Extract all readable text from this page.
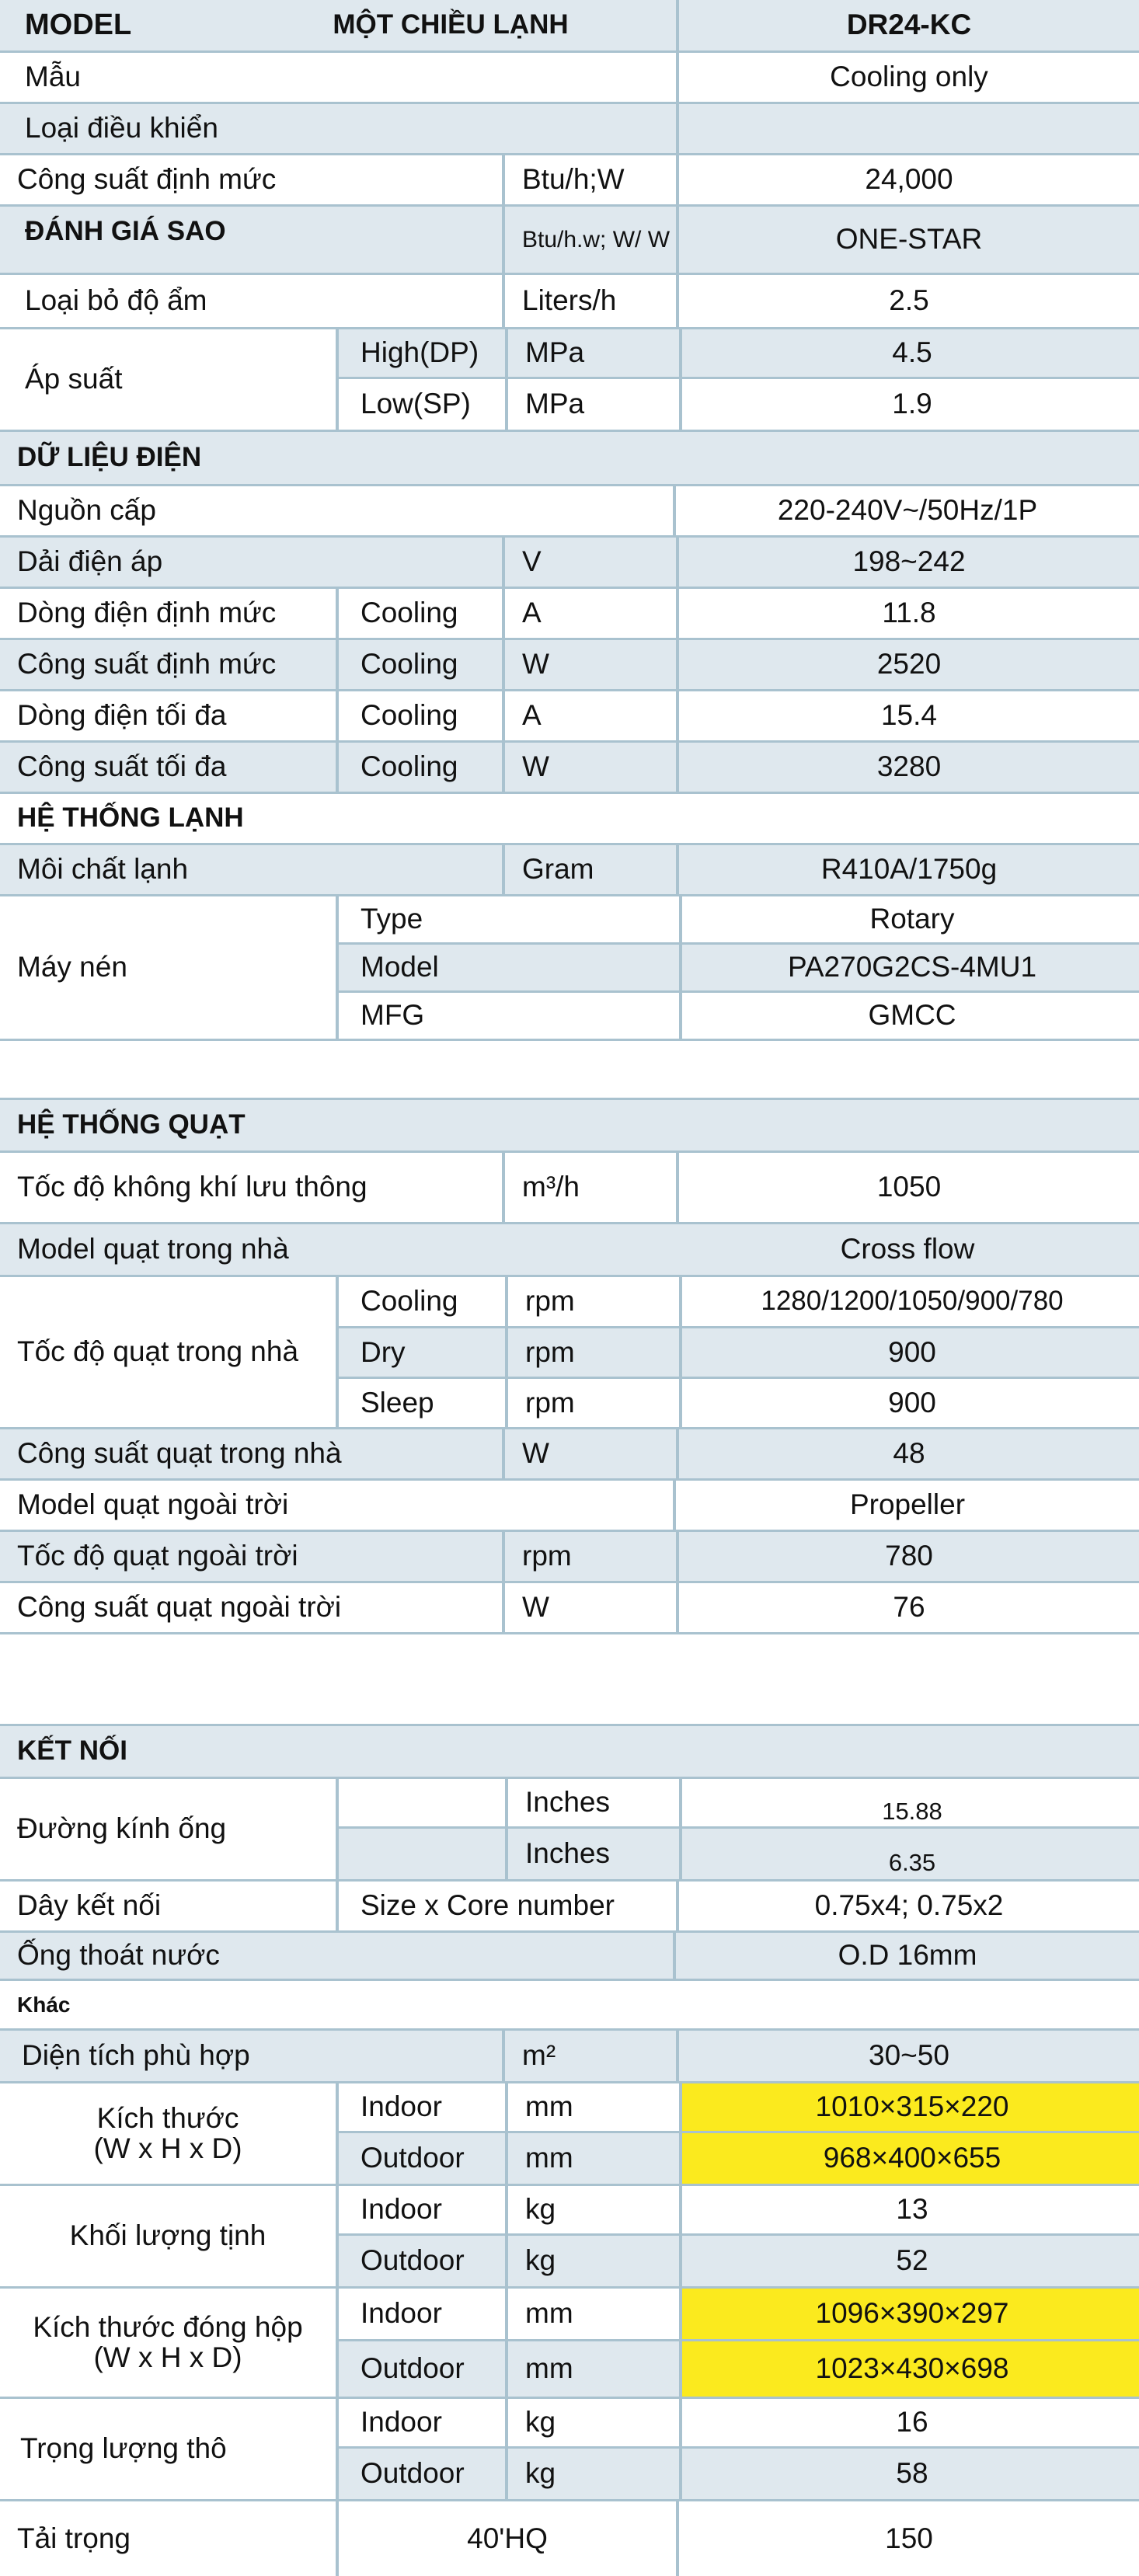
MODEL	MỘT CHIỀU LẠNH	DR24-KC
Mẫu	Cooling only
Loại điều khiển
Công suất định mức	Btu/h;W	24,000
ĐÁNH GIÁ SAO	Btu/h.w; W/ W	ONE-STAR
Loại bỏ độ ẩm	Liters/h	2.5
Áp suất
High(DP)	MPa	4.5
Low(SP)	MPa	1.9
DỮ LIỆU ĐIỆN
Nguồn cấp	220-240V~/50Hz/1P
Dải điện áp	V	198~242
Dòng điện định mức	Cooling	A	11.8
Công suất định mức	Cooling	W	2520
Dòng điện tối đa	Cooling	A	15.4
Công suất tối đa	Cooling	W	3280
HỆ THỐNG LẠNH
Môi chất lạnh	Gram	R410A/1750g
Máy nén
Type	Rotary
Model	PA270G2CS-4MU1
MFG	GMCC
HỆ THỐNG QUẠT
Tốc độ không khí lưu thông	m³/h	1050
Model quạt trong nhà	Cross flow
Tốc độ quạt trong nhà
Cooling	rpm	1280/1200/1050/900/780
Dry	rpm	900
Sleep	rpm	900
Công suất quạt trong nhà	W	48
Model quạt ngoài trời	Propeller
Tốc độ quạt ngoài trời	rpm	780
Công suất quạt ngoài trời	W	76
KẾT NỐI
Đường kính ống
Inches	15.88
Inches	6.35
Dây kết nối	Size x Core number	0.75x4; 0.75x2
Ống thoát nước	O.D 16mm
Khác
Diện tích phù hợp	m²	30~50
Kích thước
(W x H x D)
Indoor	mm	1010×315×220
Outdoor	mm	968×400×655
Khối lượng tịnh
Indoor	kg	13
Outdoor	kg	52
Kích thước đóng hộp
(W x H x D)
Indoor	mm	1096×390×297
Outdoor	mm	1023×430×698
Trọng lượng thô
Indoor	kg	16
Outdoor	kg	58
Tải trọng	40'HQ	150
